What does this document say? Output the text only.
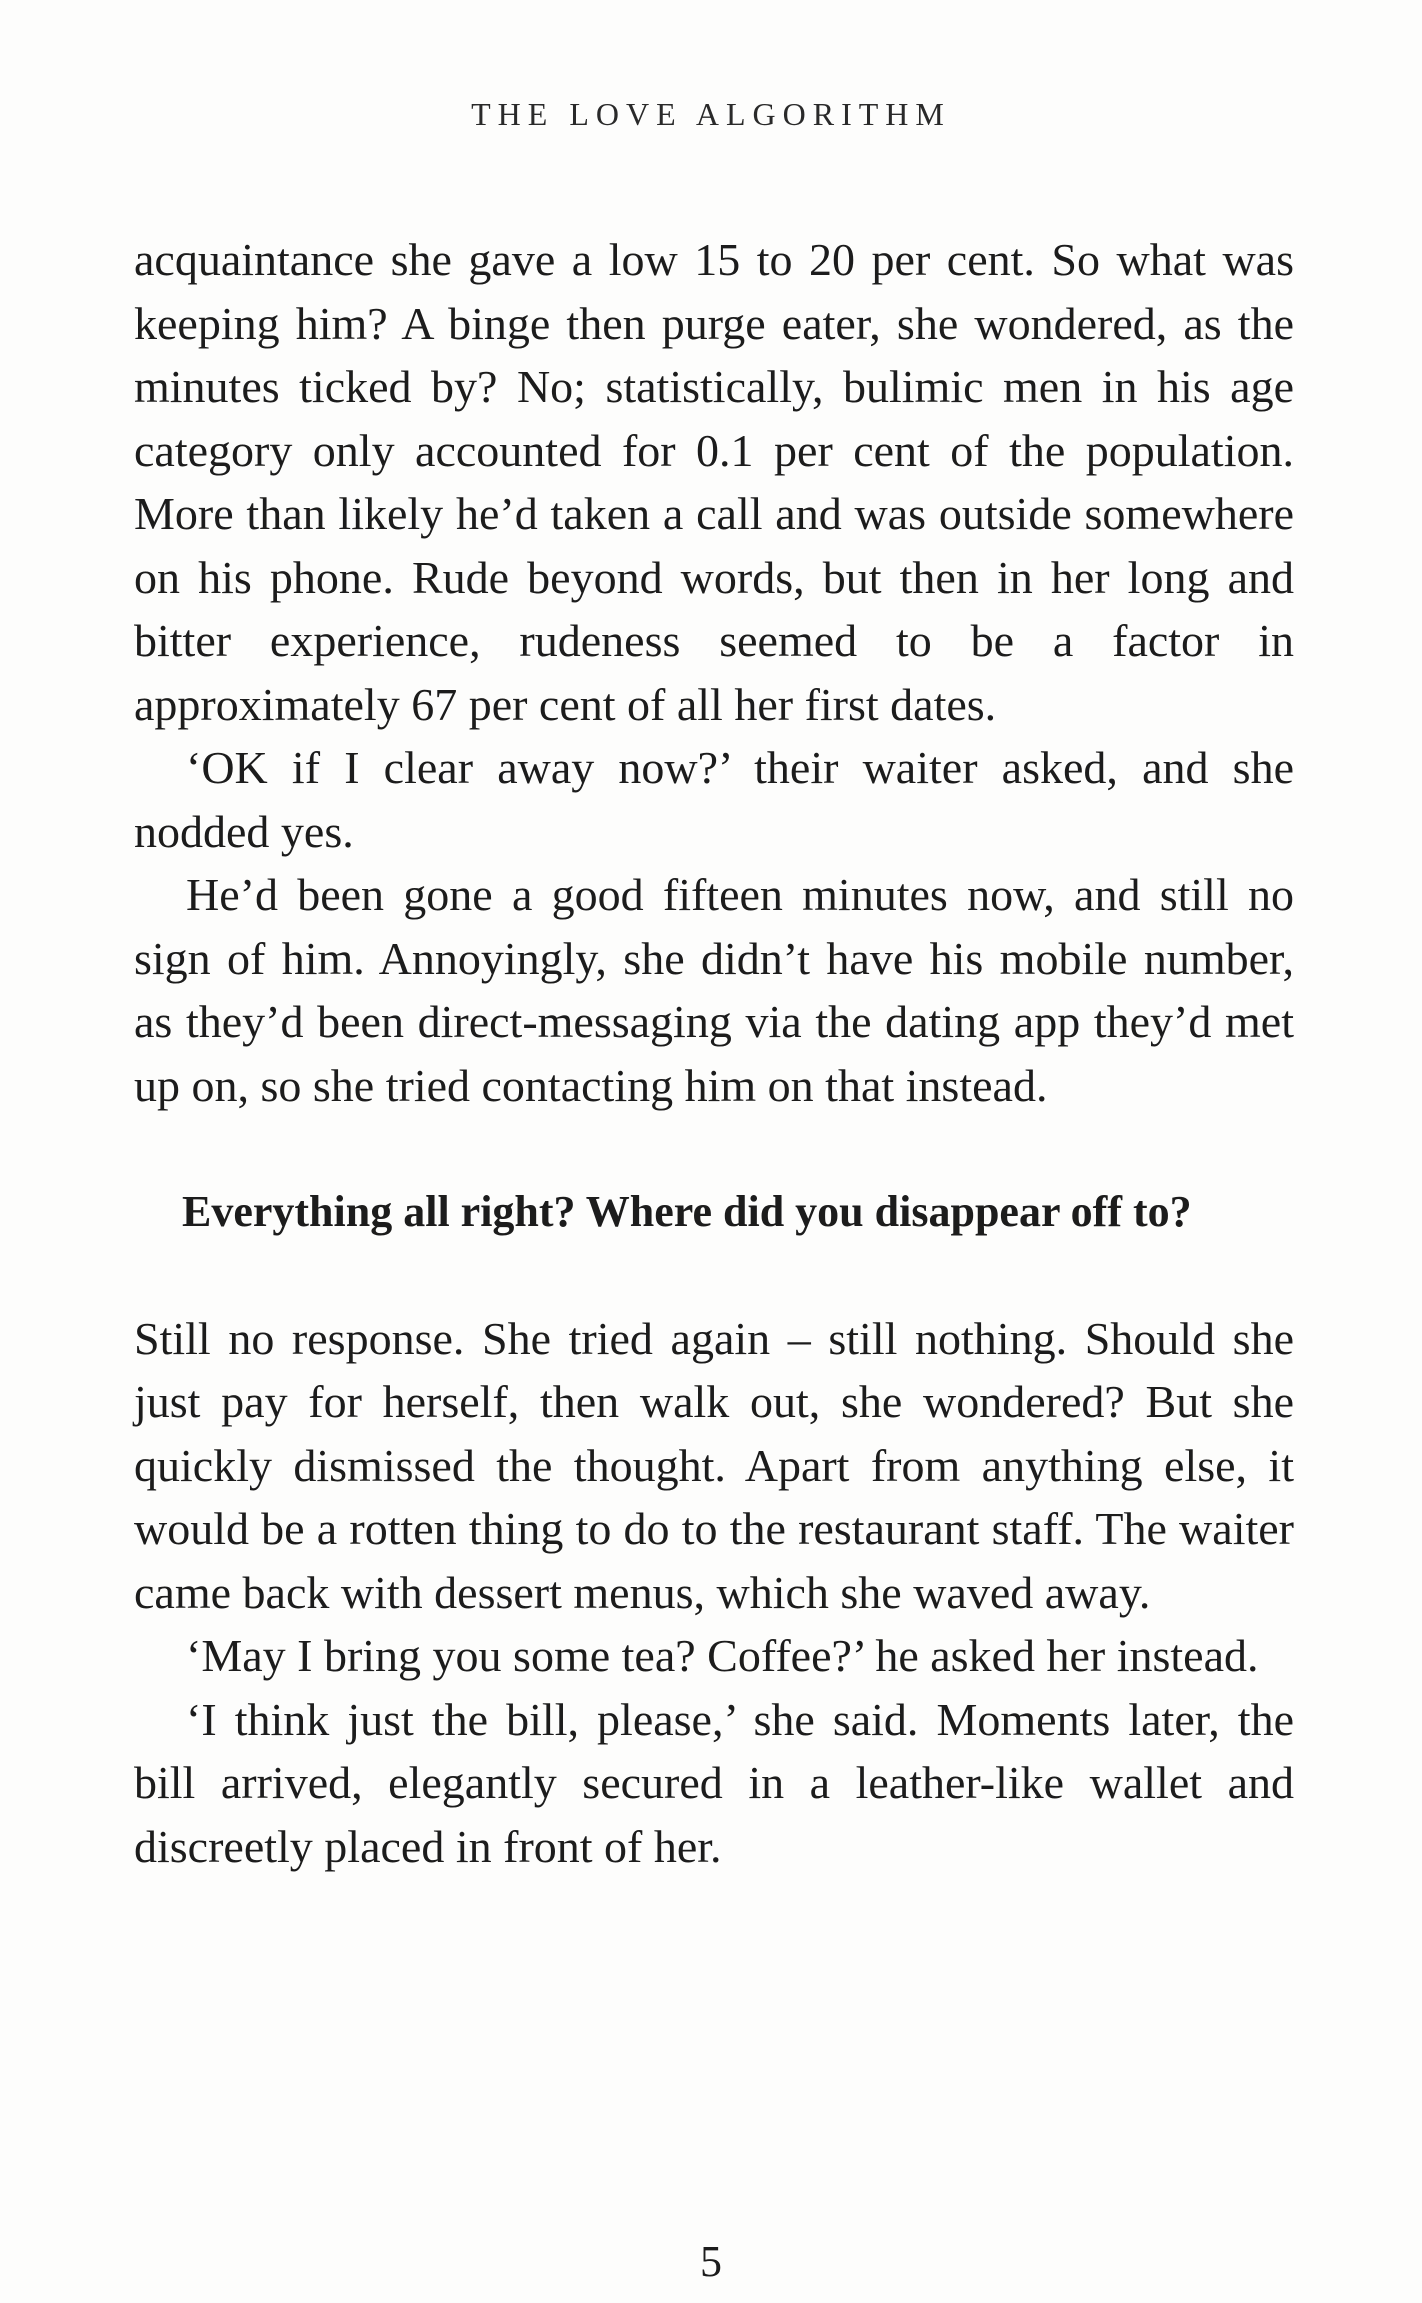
THE LOVE ALGORITHM

acquaintance she gave a low 15 to 20 per cent. So what was keeping him? A binge then purge eater, she wondered, as the minutes ticked by? No; statistically, bulimic men in his age category only accounted for 0.1 per cent of the population. More than likely he’d taken a call and was outside somewhere on his phone. Rude beyond words, but then in her long and bitter experience, rudeness seemed to be a factor in approximately 67 per cent of all her first dates.

‘OK if I clear away now?’ their waiter asked, and she nodded yes.

He’d been gone a good fifteen minutes now, and still no sign of him. Annoyingly, she didn’t have his mobile number, as they’d been direct-messaging via the dating app they’d met up on, so she tried contacting him on that instead.

Everything all right? Where did you disappear off to?

Still no response. She tried again – still nothing. Should she just pay for herself, then walk out, she wondered? But she quickly dismissed the thought. Apart from anything else, it would be a rotten thing to do to the restaurant staff. The waiter came back with dessert menus, which she waved away.

‘May I bring you some tea? Coffee?’ he asked her instead.

‘I think just the bill, please,’ she said. Moments later, the bill arrived, elegantly secured in a leather-like wallet and discreetly placed in front of her.

5
